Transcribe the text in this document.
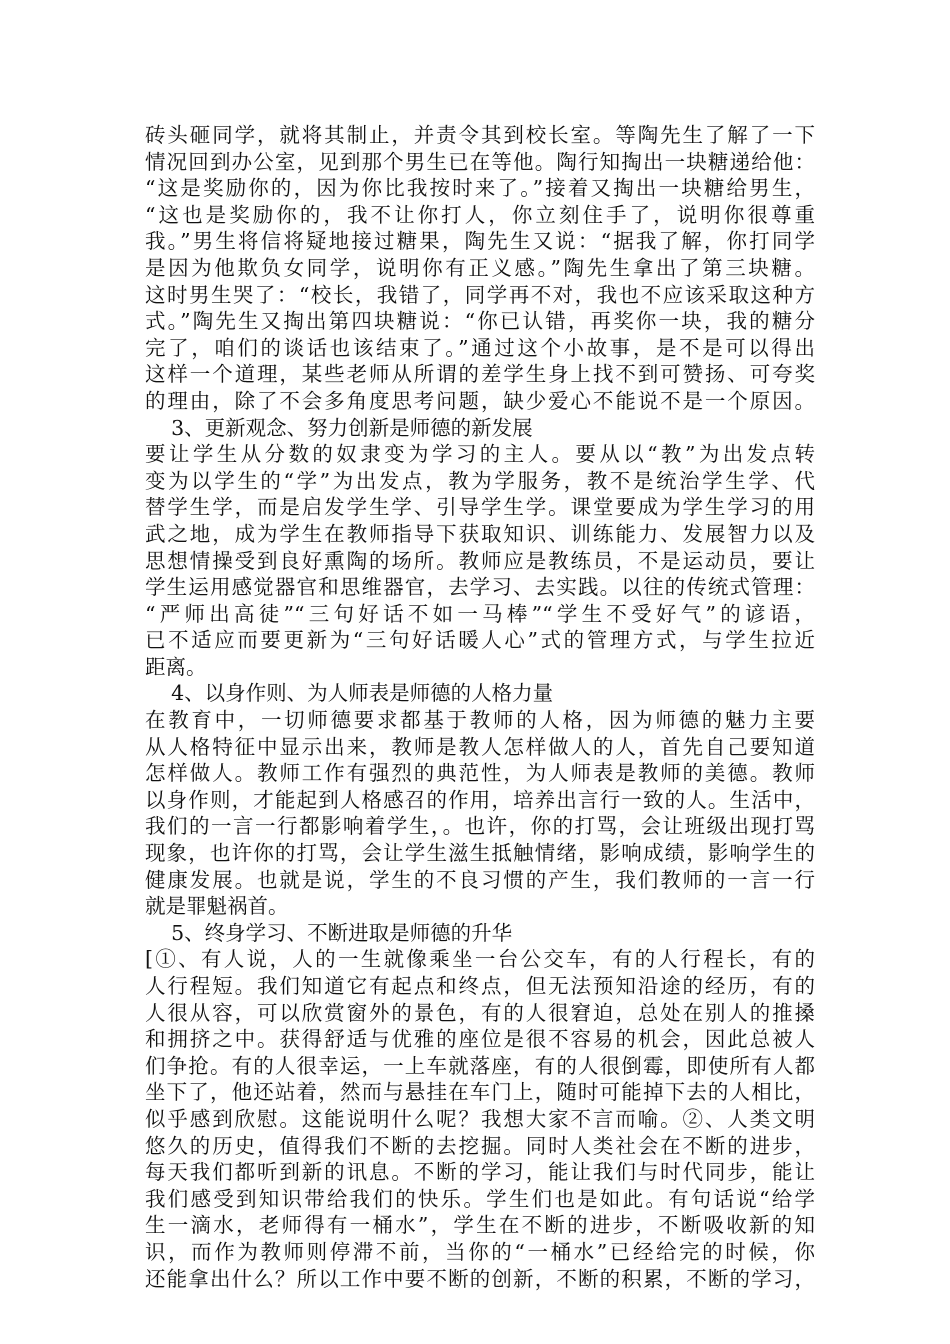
砖头砸同学，就将其制止，并责令其到校长室。等陶先生了解了一下
情况回到办公室，见到那个男生已在等他。陶行知掏出一块糖递给他：
“这是奖励你的，因为你比我按时来了。”接着又掏出一块糖给男生，
“这也是奖励你的，我不让你打人，你立刻住手了，说明你很尊重
我。”男生将信将疑地接过糖果，陶先生又说：“据我了解，你打同学
是因为他欺负女同学，说明你有正义感。”陶先生拿出了第三块糖。
这时男生哭了：“校长，我错了，同学再不对，我也不应该采取这种方
式。”陶先生又掏出第四块糖说：“你已认错，再奖你一块，我的糖分
完了，咱们的谈话也该结束了。”通过这个小故事，是不是可以得出
这样一个道理，某些老师从所谓的差学生身上找不到可赞扬、可夸奖
的理由，除了不会多角度思考问题，缺少爱心不能说不是一个原因。
3、更新观念、努力创新是师德的新发展
要让学生从分数的奴隶变为学习的主人。要从以“教”为出发点转
变为以学生的“学”为出发点，教为学服务，教不是统治学生学、代
替学生学，而是启发学生学、引导学生学。课堂要成为学生学习的用
武之地，成为学生在教师指导下获取知识、训练能力、发展智力以及
思想情操受到良好熏陶的场所。教师应是教练员，不是运动员，要让
学生运用感觉器官和思维器官，去学习、去实践。以往的传统式管理：
“严师出高徒”“三句好话不如一马棒”“学生不受好气”的谚语，
已不适应而要更新为“三句好话暖人心”式的管理方式，与学生拉近
距离。
4、以身作则、为人师表是师德的人格力量
在教育中，一切师德要求都基于教师的人格，因为师德的魅力主要
从人格特征中显示出来，教师是教人怎样做人的人，首先自己要知道
怎样做人。教师工作有强烈的典范性，为人师表是教师的美德。教师
以身作则，才能起到人格感召的作用，培养出言行一致的人。生活中，
我们的一言一行都影响着学生，。也许，你的打骂，会让班级出现打骂
现象，也许你的打骂，会让学生滋生抵触情绪，影响成绩，影响学生的
健康发展。也就是说，学生的不良习惯的产生，我们教师的一言一行
就是罪魁祸首。
5、终身学习、不断进取是师德的升华
[①、有人说，人的一生就像乘坐一台公交车，有的人行程长，有的
人行程短。我们知道它有起点和终点，但无法预知沿途的经历，有的
人很从容，可以欣赏窗外的景色，有的人很窘迫，总处在别人的推搡
和拥挤之中。获得舒适与优雅的座位是很不容易的机会，因此总被人
们争抢。有的人很幸运，一上车就落座，有的人很倒霉，即使所有人都
坐下了，他还站着，然而与悬挂在车门上，随时可能掉下去的人相比，
似乎感到欣慰。这能说明什么呢？我想大家不言而喻。②、人类文明
悠久的历史，值得我们不断的去挖掘。同时人类社会在不断的进步，
每天我们都听到新的讯息。不断的学习，能让我们与时代同步，能让
我们感受到知识带给我们的快乐。学生们也是如此。有句话说“给学
生一滴水，老师得有一桶水”，学生在不断的进步，不断吸收新的知
识，而作为教师则停滞不前，当你的“一桶水”已经给完的时候，你
还能拿出什么？所以工作中要不断的创新，不断的积累，不断的学习，
